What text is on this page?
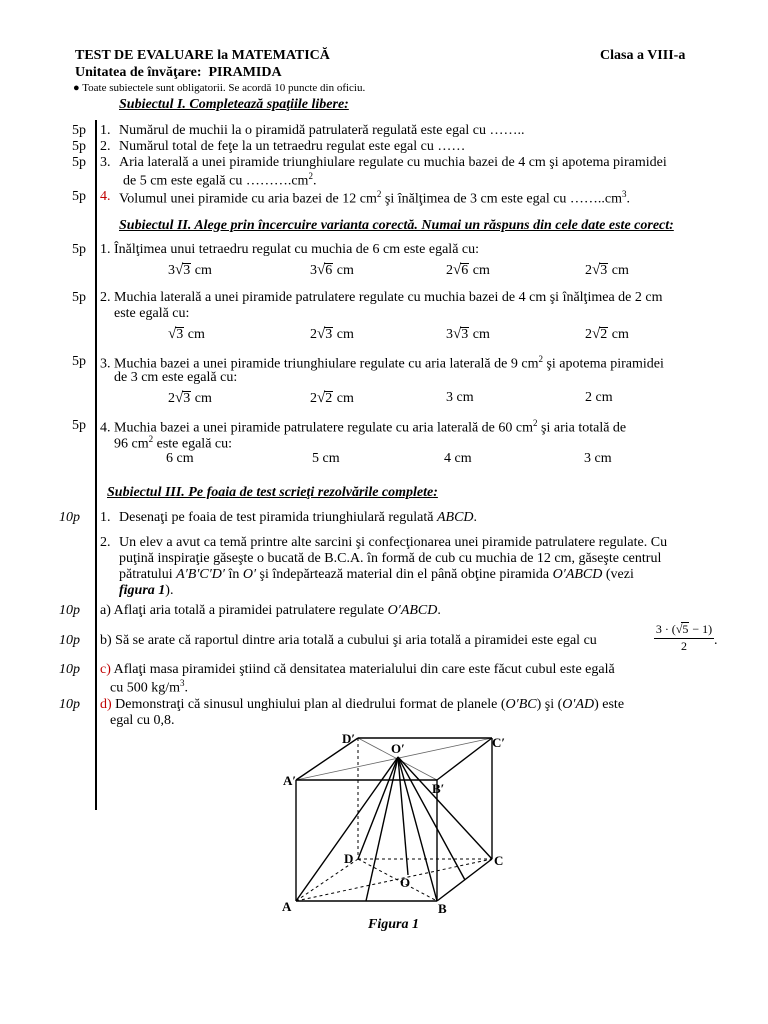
TEST DE EVALUARE la MATEMATICĂ	Clasa a VIII-a
Unitatea de învăţare: PIRAMIDA
● Toate subiectele sunt obligatorii. Se acordă 10 puncte din oficiu.
Subiectul I. Completează spaţiile libere:
5p 1. Numărul de muchii la o piramidă patrulateră regulată este egal cu ……..
5p 2. Numărul total de feţe la un tetraedru regulat este egal cu ……
5p 3. Aria laterală a unei piramide triunghiulare regulate cu muchia bazei de 4 cm şi apotema piramidei
de 5 cm este egală cu $\dots\dots\dots.cm^2$.
5p 4. Volumul unei piramide cu aria bazei de 12 $cm^2$ şi înălţimea de 3 cm este egal cu $\dots\dots..cm^3$.
Subiectul II. Alege prin încercuire varianta corectă. Numai un răspuns din cele date este corect:
5p 1. Înălţimea unui tetraedru regulat cu muchia de 6 cm este egală cu:
3√3 cm	3√6 cm	2√6 cm	2√3 cm
5p 2. Muchia laterală a unei piramide patrulatere regulate cu muchia bazei de 4 cm şi înălţimea de 2 cm
este egală cu:
√3 cm	2√3 cm	3√3 cm	2√2 cm
5p 3. Muchia bazei a unei piramide triunghiulare regulate cu aria laterală de 9 $cm^2$ şi apotema piramidei
de 3 cm este egală cu:
2√3 cm	2√2 cm	3 cm	2 cm
5p 4. Muchia bazei a unei piramide patrulatere regulate cu aria laterală de 60 $cm^2$ şi aria totală de
96 $cm^2$ este egală cu:
6 cm	5 cm	4 cm	3 cm
Subiectul III. Pe foaia de test scrieţi rezolvările complete:
10p 1. Desenaţi pe foaia de test piramida triunghiulară regulată ABCD.
2. Un elev a avut ca temă printre alte sarcini şi confecţionarea unei piramide patrulatere regulate. Cu
puţină inspiraţie găseşte o bucată de B.C.A. în formă de cub cu muchia de 12 cm, găseşte centrul
pătratului A′B′C′D′ în O′ şi îndepărtează material din el până obţine piramida O′ABCD (vezi
figura 1).
10p a) Aflaţi aria totală a piramidei patrulatere regulate O′ABCD.
10p b) Să se arate că raportul dintre aria totală a cubului şi aria totală a piramidei este egal cu	$\frac{3 \cdot (√5 - 1)}{2}$ .
10p c) Aflaţi masa piramidei ştiind că densitatea materialului din care este făcut cubul este egală
cu 500 $kg/m^3$.
10p d) Demonstraţi că sinusul unghiului plan al diedrului format de planele (O′BC) şi (O′AD) este
egal cu 0,8.
A	B
C
D
O
A′
B′
C′
D′
O′
Figura 1
